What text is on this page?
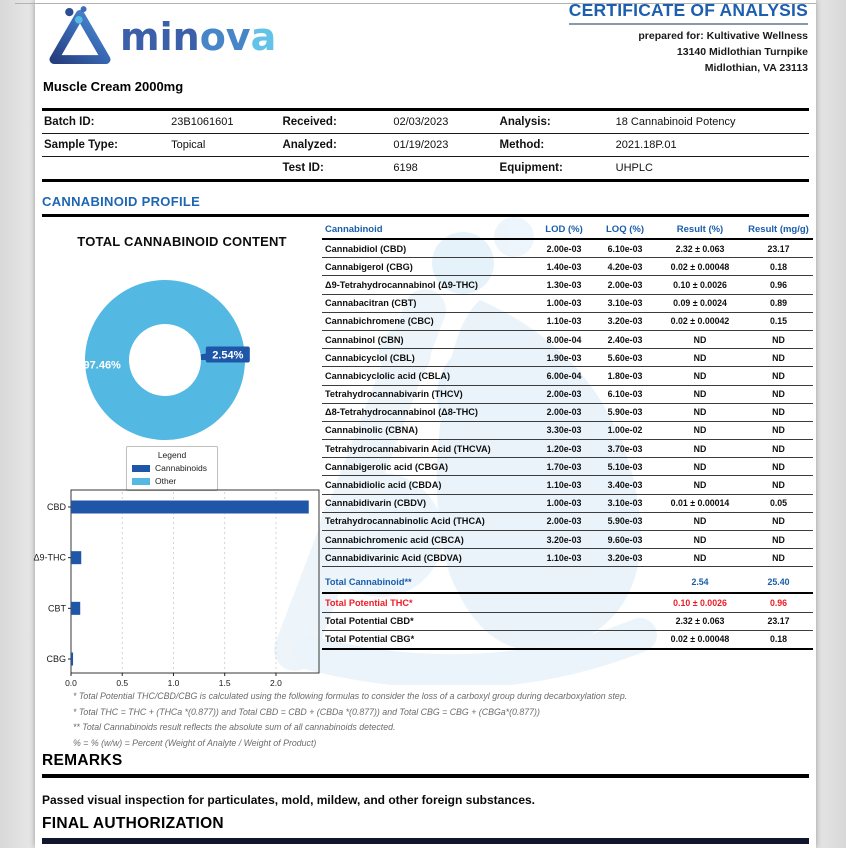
minova
CERTIFICATE OF ANALYSIS
prepared for: Kultivative Wellness
13140 Midlothian Turnpike
Midlothian, VA 23113
Muscle Cream 2000mg
Batch ID:	23B1061601	Received:	02/03/2023	Analysis:	18 Cannabinoid Potency
Sample Type:	Topical	Analyzed:	01/19/2023	Method:	2021.18P.01
		Test ID:	6198	Equipment:	UHPLC
CANNABINOID PROFILE
TOTAL CANNABINOID CONTENT
2.54%
97.46%
Legend
Cannabinoids
Other
CBD
Δ9-THC
CBT
CBG
0.0	0.5	1.0	1.5	2.0
Cannabinoid	LOD (%)	LOQ (%)	Result (%)	Result (mg/g)
Cannabidiol (CBD)	2.00e-03	6.10e-03	2.32 ± 0.063	23.17
Cannabigerol (CBG)	1.40e-03	4.20e-03	0.02 ± 0.00048	0.18
Δ9-Tetrahydrocannabinol (Δ9-THC)	1.30e-03	2.00e-03	0.10 ± 0.0026	0.96
Cannabacitran (CBT)	1.00e-03	3.10e-03	0.09 ± 0.0024	0.89
Cannabichromene (CBC)	1.10e-03	3.20e-03	0.02 ± 0.00042	0.15
Cannabinol (CBN)	8.00e-04	2.40e-03	ND	ND
Cannabicyclol (CBL)	1.90e-03	5.60e-03	ND	ND
Cannabicyclolic acid (CBLA)	6.00e-04	1.80e-03	ND	ND
Tetrahydrocannabivarin (THCV)	2.00e-03	6.10e-03	ND	ND
Δ8-Tetrahydrocannabinol (Δ8-THC)	2.00e-03	5.90e-03	ND	ND
Cannabinolic (CBNA)	3.30e-03	1.00e-02	ND	ND
Tetrahydrocannabivarin Acid (THCVA)	1.20e-03	3.70e-03	ND	ND
Cannabigerolic acid (CBGA)	1.70e-03	5.10e-03	ND	ND
Cannabidiolic acid (CBDA)	1.10e-03	3.40e-03	ND	ND
Cannabidivarin (CBDV)	1.00e-03	3.10e-03	0.01 ± 0.00014	0.05
Tetrahydrocannabinolic Acid (THCA)	2.00e-03	5.90e-03	ND	ND
Cannabichromenic acid (CBCA)	3.20e-03	9.60e-03	ND	ND
Cannabidivarinic Acid (CBDVA)	1.10e-03	3.20e-03	ND	ND
Total Cannabinoid**			2.54	25.40
Total Potential THC*			0.10 ± 0.0026	0.96
Total Potential CBD*			2.32 ± 0.063	23.17
Total Potential CBG*			0.02 ± 0.00048	0.18
* Total Potential THC/CBD/CBG is calculated using the following formulas to consider the loss of a carboxyl group during decarboxylation step.
* Total THC = THC + (THCa *(0.877)) and Total CBD = CBD + (CBDa *(0.877)) and Total CBG = CBG + (CBGa*(0.877))
** Total Cannabinoids result reflects the absolute sum of all cannabinoids detected.
% = % (w/w) = Percent (Weight of Analyte / Weight of Product)
REMARKS
Passed visual inspection for particulates, mold, mildew, and other foreign substances.
FINAL AUTHORIZATION
